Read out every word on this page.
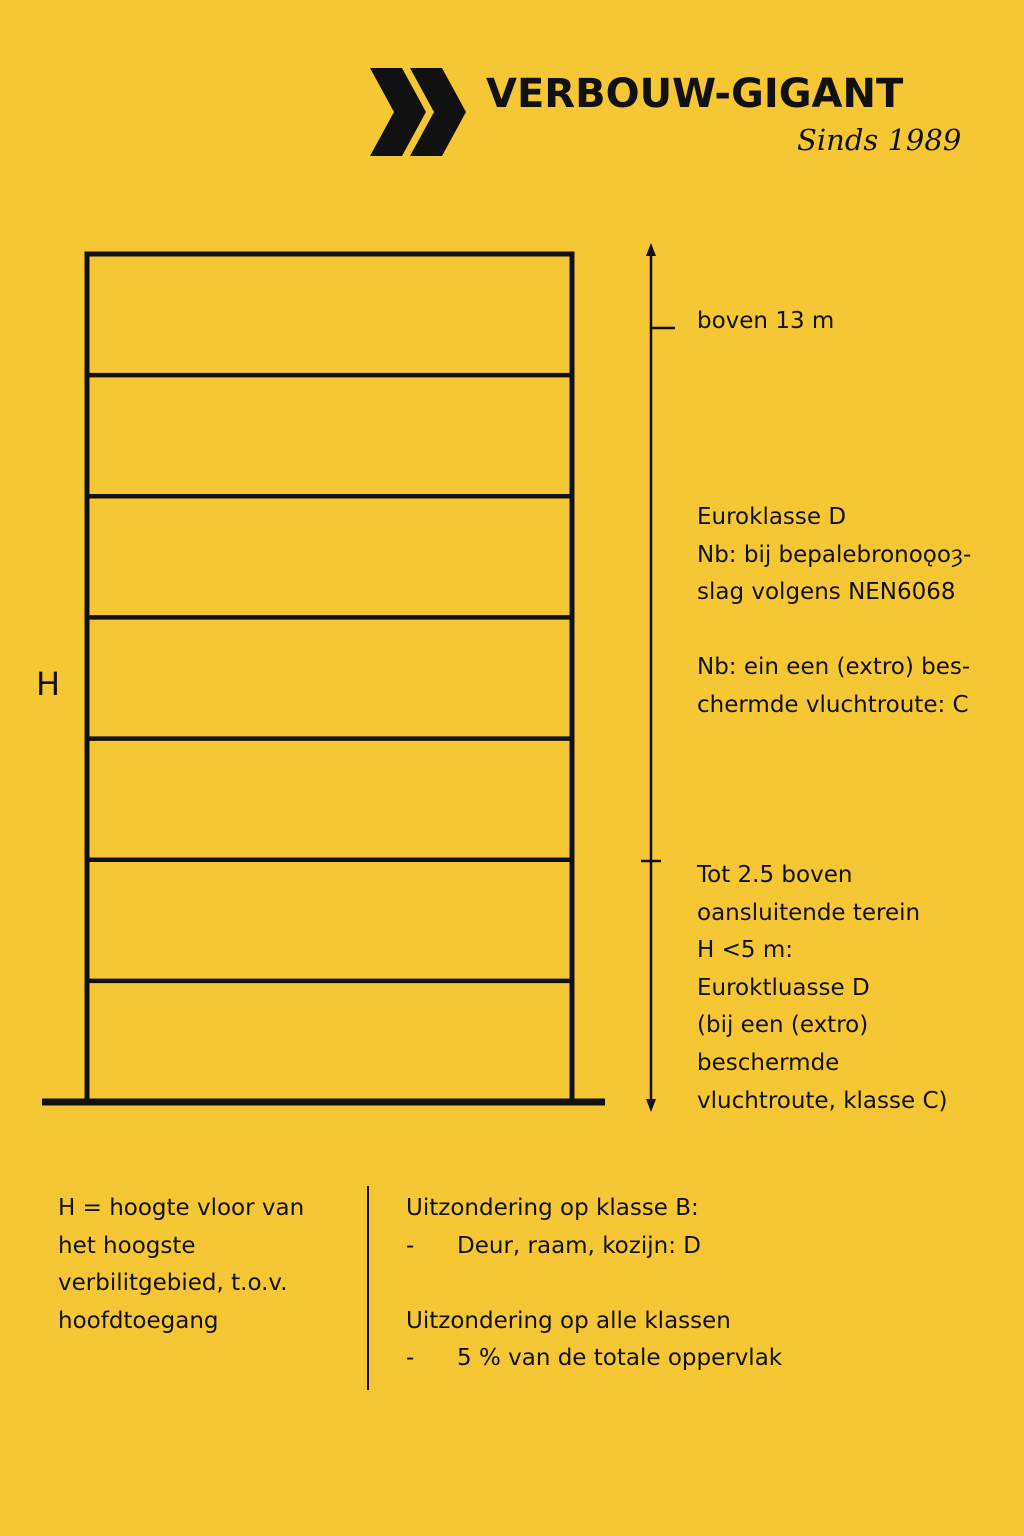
VERBOUW-GIGANT
Sinds 1989
H
boven 13 m
Euroklasse D
Nb: bij bepalebronoǫoȝ-
slag volgens NEN6068
Nb: ein een (extro) bes-
chermde vluchtroute: C
Tot 2.5 boven
oansluitende terein
H <5 m:
Euroktluasse D
(bij een (extro)
beschermde
vluchtroute, klasse C)
H = hoogte vloor van
het hoogste
verbilitgebied, t.o.v.
hoofdtoegang
Uitzondering op klasse B:
- Deur, raam, kozijn: D
Uitzondering op alle klassen
- 5 % van de totale oppervlak
